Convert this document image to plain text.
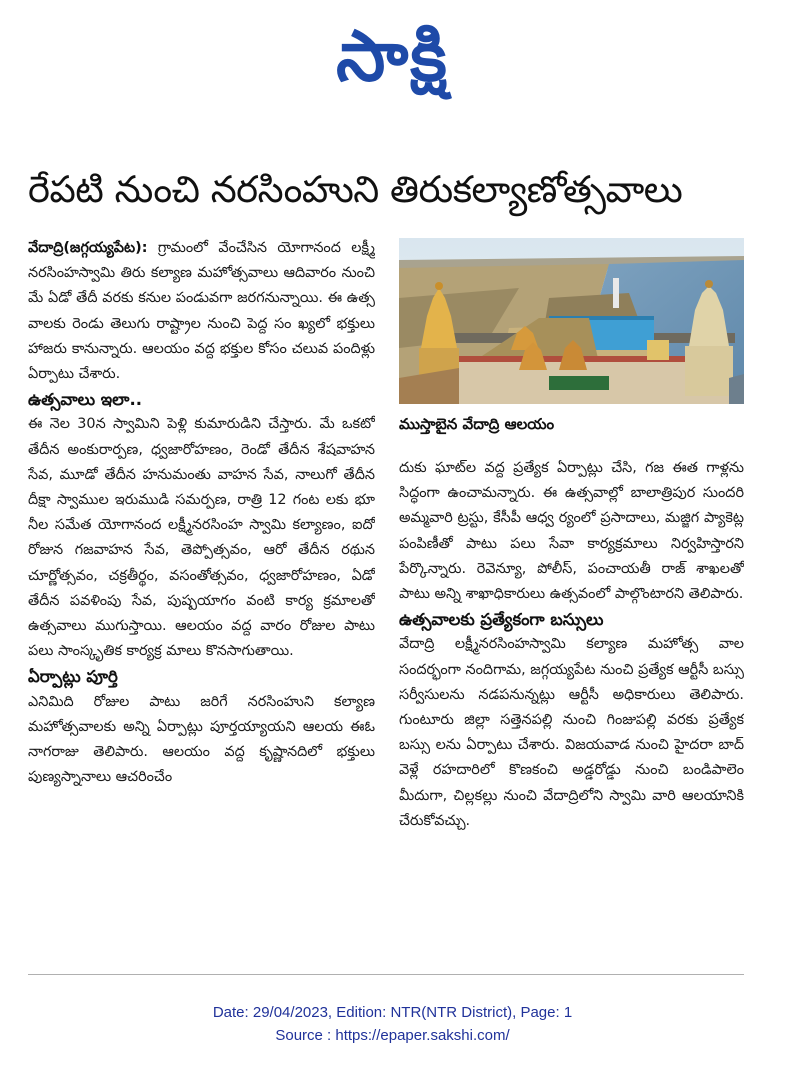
సాక్షి
రేపటి నుంచి నరసింహుని తిరుకల్యాణోత్సవాలు

వేదాద్రి(జగ్గయ్యపేట): గ్రామంలో వేంచేసిన యోగానంద లక్ష్మీ నరసింహస్వామి తిరు కల్యాణ మహోత్సవాలు ఆదివారం నుంచి మే ఏడో తేదీ వరకు కనుల పండువగా జరగనున్నాయి. ఈ ఉత్స వాలకు రెండు తెలుగు రాష్ట్రాల నుంచి పెద్ద సం ఖ్యలో భక్తులు హాజరు కానున్నారు. ఆలయం వద్ద భక్తుల కోసం చలువ పందిళ్లు ఏర్పాటు చేశారు.

ఉత్సవాలు ఇలా..

ఈ నెల 30న స్వామిని పెళ్లి కుమారుడిని చేస్తారు. మే ఒకటో తేదీన అంకురార్పణ, ధ్వజారోహణం, రెండో తేదీన శేషవాహన సేవ, మూడో తేదీన హనుమంతు వాహన సేవ, నాలుగో తేదీన దీక్షా స్వాముల ఇరుముడి సమర్పణ, రాత్రి 12 గంట లకు భూ నీల సమేత యోగానంద లక్ష్మీనరసింహ స్వామి కల్యాణం, ఐదో రోజున గజవాహన సేవ, తెప్పోత్సవం, ఆరో తేదీన రథున చూర్ణోత్సవం, చక్రతీర్థం, వసంతోత్సవం, ధ్వజారోహణం, ఏడో తేదీన పవళింపు సేవ, పుష్పయాగం వంటి కార్య క్రమాలతో ఉత్సవాలు ముగుస్తాయి. ఆలయం వద్ద వారం రోజుల పాటు పలు సాంస్కృతిక కార్యక్ర మాలు కొనసాగుతాయి.

ఏర్పాట్లు పూర్తి

ఎనిమిది రోజుల పాటు జరిగే నరసింహుని కల్యాణ మహోత్సవాలకు అన్ని ఏర్పాట్లు పూర్తయ్యాయని ఆలయ ఈఓ నాగరాజు తెలిపారు. ఆలయం వద్ద కృష్ణానదిలో భక్తులు పుణ్యస్నానాలు ఆచరించేం

ముస్తాబైన వేదాద్రి ఆలయం

దుకు ఘాట్‌ల వద్ద ప్రత్యేక ఏర్పాట్లు చేసి, గజ ఈత గాళ్లను సిద్ధంగా ఉంచామన్నారు. ఈ ఉత్సవాల్లో బాలాత్రిపుర సుందరి అమ్మవారి ట్రస్టు, కేసీపీ ఆధ్వ ర్యంలో ప్రసాదాలు, మజ్జిగ ప్యాకెట్ల పంపిణీతో పాటు పలు సేవా కార్యక్రమాలు నిర్వహిస్తారని పేర్కొన్నారు. రెవెన్యూ, పోలీస్, పంచాయతీ రాజ్ శాఖలతో పాటు అన్ని శాఖాధికారులు ఉత్సవంలో పాల్గొంటారని తెలిపారు.

ఉత్సవాలకు ప్రత్యేకంగా బస్సులు

వేదాద్రి లక్ష్మీనరసింహస్వామి కల్యాణ మహోత్స వాల సందర్భంగా నందిగామ, జగ్గయ్యపేట నుంచి ప్రత్యేక ఆర్టీసీ బస్సు సర్వీసులను నడపనున్నట్లు ఆర్టీసీ అధికారులు తెలిపారు. గుంటూరు జిల్లా సత్తెనపల్లి నుంచి గింజుపల్లి వరకు ప్రత్యేక బస్సు లను ఏర్పాటు చేశారు. విజయవాడ నుంచి హైదరా బాద్ వెళ్లే రహదారిలో కొణకంచి అడ్డరోడ్డు నుంచి బండిపాలెం మీదుగా, చిల్లకల్లు నుంచి వేదాద్రిలోని స్వామి వారి ఆలయానికి చేరుకోవచ్చు.

Date: 29/04/2023, Edition: NTR(NTR District), Page: 1
Source : https://epaper.sakshi.com/
